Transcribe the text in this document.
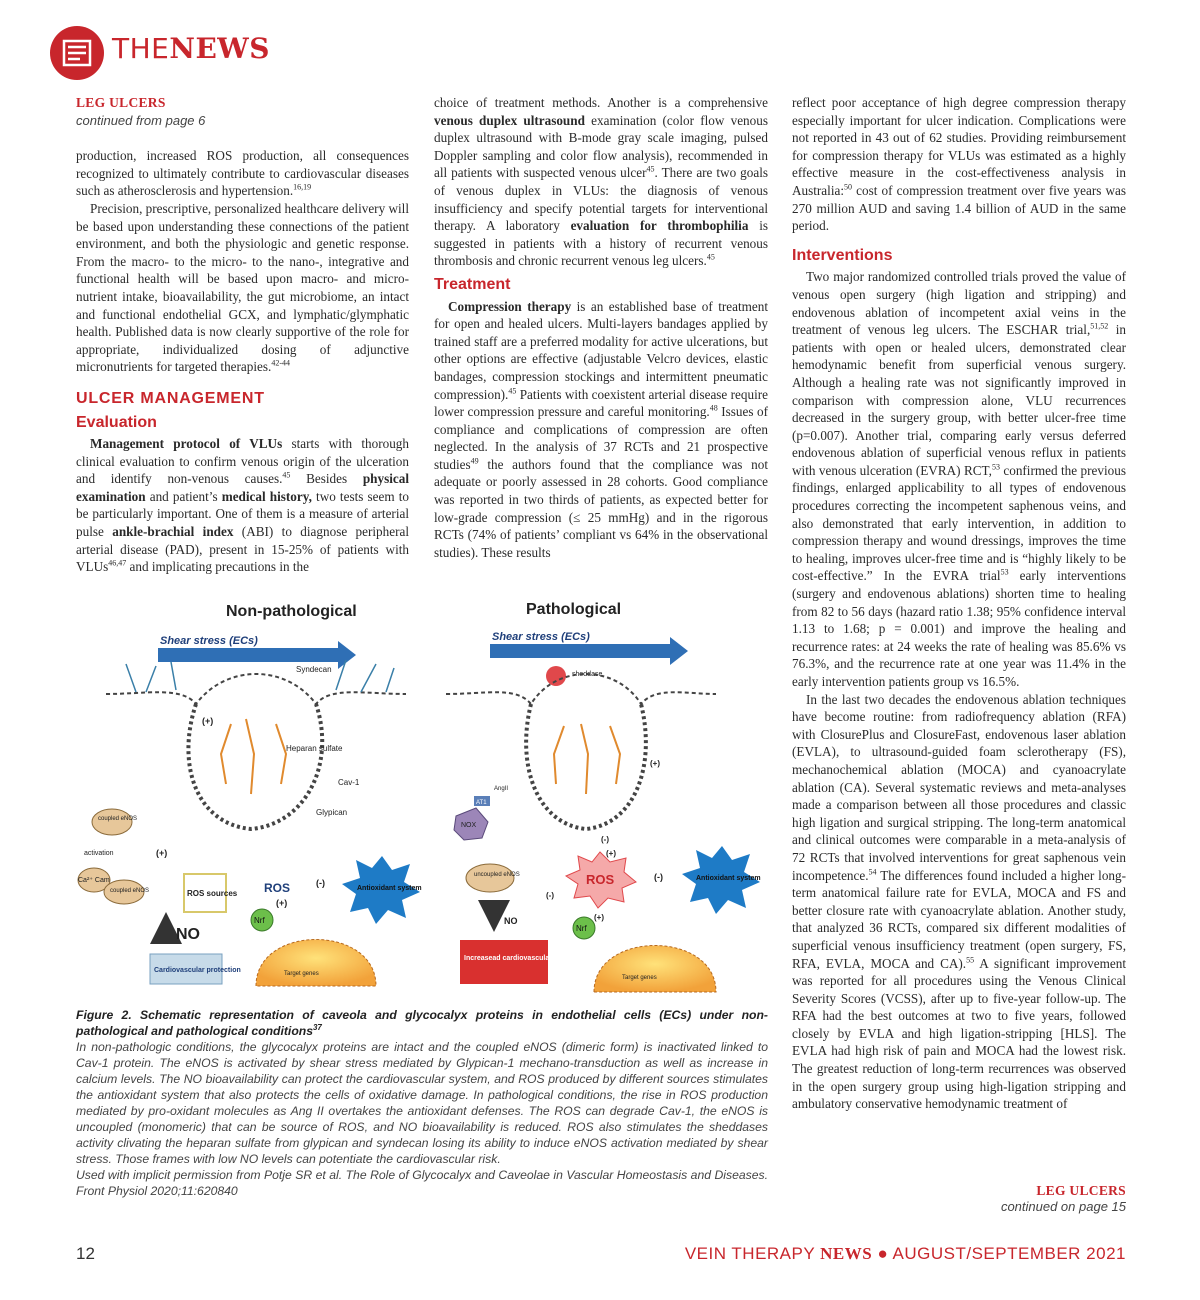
THENEWS
LEG ULCERS
continued from page 6

production, increased ROS production, all consequences recognized to ultimately contribute to cardiovascular diseases such as atherosclerosis and hypertension.$^{16,19}$

Precision, prescriptive, personalized healthcare delivery will be based upon understanding these connections of the patient environment, and both the physiologic and genetic response. From the macro- to the micro- to the nano-, integrative and functional health will be based upon macro- and micro-nutrient intake, bioavailability, the gut microbiome, an intact and functional endothelial GCX, and lymphatic/glymphatic health. Published data is now clearly supportive of the role for appropriate, individualized dosing of adjunctive micronutrients for targeted therapies.$^{42-44}$

ULCER MANAGEMENT
Evaluation

Management protocol of VLUs starts with thorough clinical evaluation to confirm venous origin of the ulceration and identify non-venous causes.$^{45}$ Besides physical examination and patient’s medical history, two tests seem to be particularly important. One of them is a measure of arterial pulse ankle-brachial index (ABI) to diagnose peripheral arterial disease (PAD), present in 15-25% of patients with VLUs$^{46,47}$ and implicating precautions in the

choice of treatment methods. Another is a comprehensive venous duplex ultrasound examination (color flow venous duplex ultrasound with B-mode gray scale imaging, pulsed Doppler sampling and color flow analysis), recommended in all patients with suspected venous ulcer$^{45}$. There are two goals of venous duplex in VLUs: the diagnosis of venous insufficiency and specify potential targets for interventional therapy. A laboratory evaluation for thrombophilia is suggested in patients with a history of recurrent venous thrombosis and chronic recurrent venous leg ulcers.$^{45}$

Treatment

Compression therapy is an established base of treatment for open and healed ulcers. Multi-layers bandages applied by trained staff are a preferred modality for active ulcerations, but other options are effective (adjustable Velcro devices, elastic bandages, compression stockings and intermittent pneumatic compression).$^{45}$ Patients with coexistent arterial disease require lower compression pressure and careful monitoring.$^{48}$ Issues of compliance and complications of compression are often neglected. In the analysis of 37 RCTs and 21 prospective studies$^{49}$ the authors found that the compliance was not adequate or poorly assessed in 28 cohorts. Good compliance was reported in two thirds of patients, as expected better for low-grade compression (≤ 25 mmHg) and in the rigorous RCTs (74% of patients’ compliant vs 64% in the observational studies). These results

reflect poor acceptance of high degree compression therapy especially important for ulcer indication. Complications were not reported in 43 out of 62 studies. Providing reimbursement for compression therapy for VLUs was estimated as a highly effective measure in the cost-effectiveness analysis in Australia:$^{50}$ cost of compression treatment over five years was 270 million AUD and saving 1.4 billion of AUD in the same period.

Interventions

Two major randomized controlled trials proved the value of venous open surgery (high ligation and stripping) and endovenous ablation of incompetent axial veins in the treatment of venous leg ulcers. The ESCHAR trial,$^{51,52}$ in patients with open or healed ulcers, demonstrated clear hemodynamic benefit from superficial venous surgery. Although a healing rate was not significantly improved in comparison with compression alone, VLU recurrences decreased in the surgery group, with better ulcer-free time (p=0.007). Another trial, comparing early versus deferred endovenous ablation of superficial venous reflux in patients with venous ulceration (EVRA) RCT,$^{53}$ confirmed the previous findings, enlarged applicability to all types of endovenous procedures correcting the incompetent saphenous veins, and also demonstrated that early intervention, in addition to compression therapy and wound dressings, improves the time to healing, improves ulcer-free time and is “highly likely to be cost-effective.” In the EVRA trial$^{53}$ early interventions (surgery and endovenous ablations) shorten time to healing from 82 to 56 days (hazard ratio 1.38; 95% confidence interval 1.13 to 1.68; p = 0.001) and improve the healing and recurrence rates: at 24 weeks the rate of healing was 85.6% vs 76.3%, and the recurrence rate at one year was 11.4% in the early intervention patients group vs 16.5%.

In the last two decades the endovenous ablation techniques have become routine: from radiofrequency ablation (RFA) with ClosurePlus and ClosureFast, endovenous laser ablation (EVLA), to ultrasound-guided foam sclerotherapy (FS), mechanochemical ablation (MOCA) and cyanoacrylate ablation (CA). Several systematic reviews and meta-analyses made a comparison between all those procedures and classic high ligation and surgical stripping. The long-term anatomical and clinical outcomes were comparable in a meta-analysis of 72 RCTs that involved interventions for great saphenous vein incompetence.$^{54}$ The differences found included a higher long-term anatomical failure rate for EVLA, MOCA and FS and better closure rate with cyanoacrylate ablation. Another study, that analyzed 36 RCTs, compared six different modalities of superficial venous insufficiency treatment (open surgery, FS, RFA, EVLA, MOCA and CA).$^{55}$ A significant improvement was reported for all procedures using the Venous Clinical Severity Scores (VCSS), after up to five-year follow-up. The RFA had the best outcomes at two to five years, followed closely by EVLA and high ligation-stripping [HLS]. The EVLA had high risk of pain and MOCA had the lowest risk. The greatest reduction of long-term recurrences was observed in the open surgery group using high-ligation stripping and ambulatory conservative hemodynamic treatment of

Non-pathological
Shear stress (ECs)
Syndecan
(+)
Heparan sulfate
Cav-1
Glypican
coupled eNOS
activation	(+)
Ca²⁺ Cam
coupled eNOS	ROS sources ROS	(-)
(+)
Antioxidant system
Nrf
NO
Cardiovascular protection	Target genes
Pathological
Shear stress (ECs)
sheddase
(+)
AngII
AT1
NOX
(-)
(+)
uncoupled eNOS
(-)
ROS	(-)
(+)
Antioxidant system
Nrf
NO
Increasead cardiovascular risks
Target genes
Figure 2. Schematic representation of caveola and glycocalyx proteins in endothelial cells (ECs) under non-pathological and pathological conditions$^{37}$
In non-pathologic conditions, the glycocalyx proteins are intact and the coupled eNOS (dimeric form) is inactivated linked to Cav-1 protein. The eNOS is activated by shear stress mediated by Glypican-1 mechano-transduction as well as increase in calcium levels. The NO bioavailability can protect the cardiovascular system, and ROS produced by different sources stimulates the antioxidant system that also protects the cells of oxidative damage. In pathological conditions, the rise in ROS production mediated by pro-oxidant molecules as Ang II overtakes the antioxidant defenses. The ROS can degrade Cav-1, the eNOS is uncoupled (monomeric) that can be source of ROS, and NO bioavailability is reduced. ROS also stimulates the sheddases activity clivating the heparan sulfate from glypican and syndecan losing its ability to induce eNOS activation mediated by shear stress. Those frames with low NO levels can potentiate the cardiovascular risk.
Used with implicit permission from Potje SR et al. The Role of Glycocalyx and Caveolae in Vascular Homeostasis and Diseases. Front Physiol 2020;11:620840	LEG ULCERS
continued on page 15
12	VEIN THERAPY NEWS ● AUGUST/SEPTEMBER 2021
